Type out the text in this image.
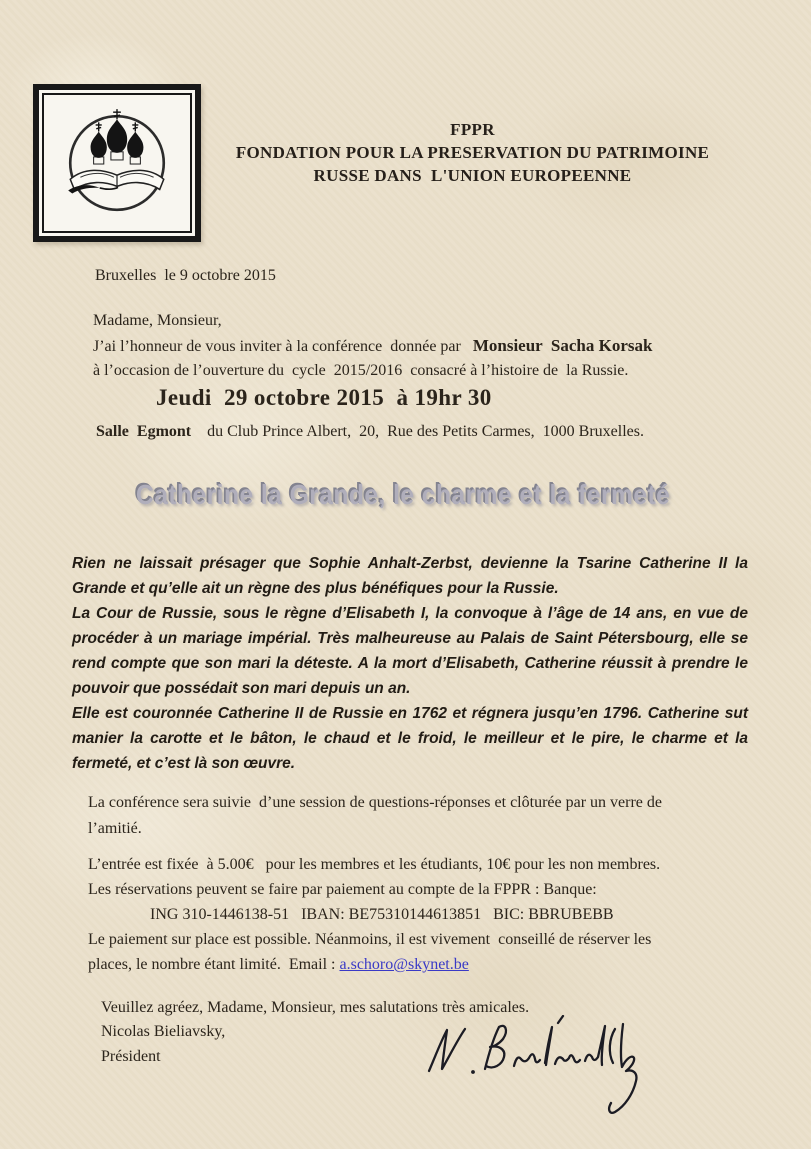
FPPR
FONDATION POUR LA PRESERVATION DU PATRIMOINE
RUSSE DANS  L'UNION EUROPEENNE
Bruxelles  le 9 octobre 2015
Madame, Monsieur,
J’ai l’honneur de vous inviter à la conférence  donnée par   Monsieur  Sacha Korsak
à l’occasion de l’ouverture du  cycle  2015/2016  consacré à l’histoire de  la Russie.
Jeudi  29 octobre 2015  à 19hr 30
Salle  Egmont    du Club Prince Albert,  20,  Rue des Petits Carmes,  1000 Bruxelles.
Catherine la Grande, le charme et la fermeté

Rien ne laissait présager que Sophie Anhalt-Zerbst, devienne la Tsarine Catherine II la Grande et qu’elle ait un règne des plus bénéfiques pour la Russie.

La Cour de Russie, sous le règne d’Elisabeth I, la convoque à l’âge de 14 ans, en vue de procéder à un mariage impérial. Très malheureuse au Palais de Saint Pétersbourg, elle se rend compte que son mari la déteste. A la mort d’Elisabeth, Catherine réussit à prendre le pouvoir que possédait son mari depuis un an.

Elle est couronnée Catherine II de Russie en 1762 et régnera jusqu’en 1796. Catherine sut manier la carotte et le bâton, le chaud et le froid, le meilleur et le pire, le charme et la fermeté, et c’est là son œuvre.

La conférence sera suivie  d’une session de questions-réponses et clôturée par un verre de
l’amitié.
L’entrée est fixée  à 5.00€   pour les membres et les étudiants, 10€ pour les non membres.
Les réservations peuvent se faire par paiement au compte de la FPPR : Banque:
ING 310-1446138-51   IBAN: BE75310144613851   BIC: BBRUBEBB
Le paiement sur place est possible. Néanmoins, il est vivement  conseillé de réserver les
places, le nombre étant limité.  Email : a.schoro@skynet.be
Veuillez agréez, Madame, Monsieur, mes salutations très amicales.
Nicolas Bieliavsky,
Président
